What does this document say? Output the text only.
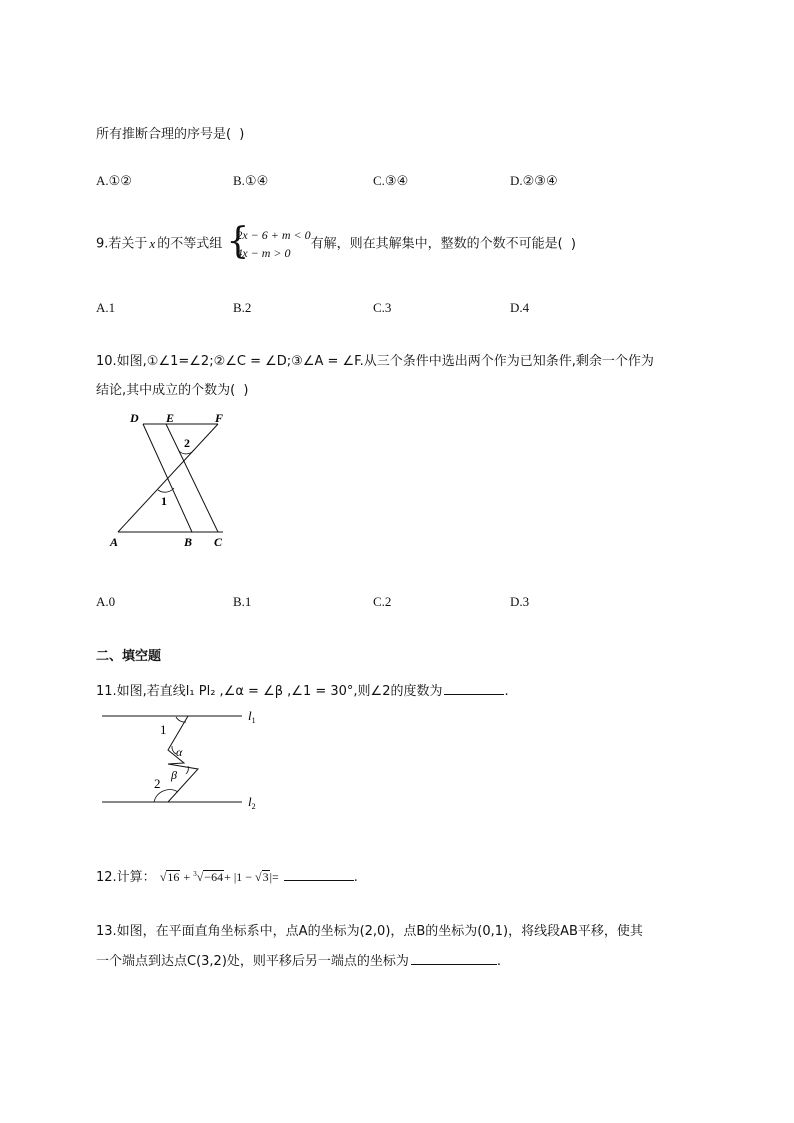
所有推断合理的序号是( )
A.①②	B.①④	C.③④	D.②③④
9.若关于 x 的不等式组 {
2x − 6 + m < 0
4x − m > 0
有解，则在其解集中，整数的个数不可能是( )
A.1	B.2	C.3	D.4
10.如图,①∠1=∠2;②∠C = ∠D;③∠A = ∠F.从三个条件中选出两个作为已知条件,剩余一个作为
结论,其中成立的个数为( )
D E	F
A	B C
1
2
A.0	B.1	C.2	D.3
二、填空题
11.如图,若直线l₁ Pl₂ ,∠α = ∠β ,∠1 = 30°,则∠2的度数为	.
$l_1$
$l_2$
1
2
α
β
12.计算： √16 + $^3$√−64+ |1 − √3|=	.
13.如图，在平面直角坐标系中，点A的坐标为(2,0)，点B的坐标为(0,1)，将线段AB平移，使其
一个端点到达点C(3,2)处，则平移后另一端点的坐标为	.
